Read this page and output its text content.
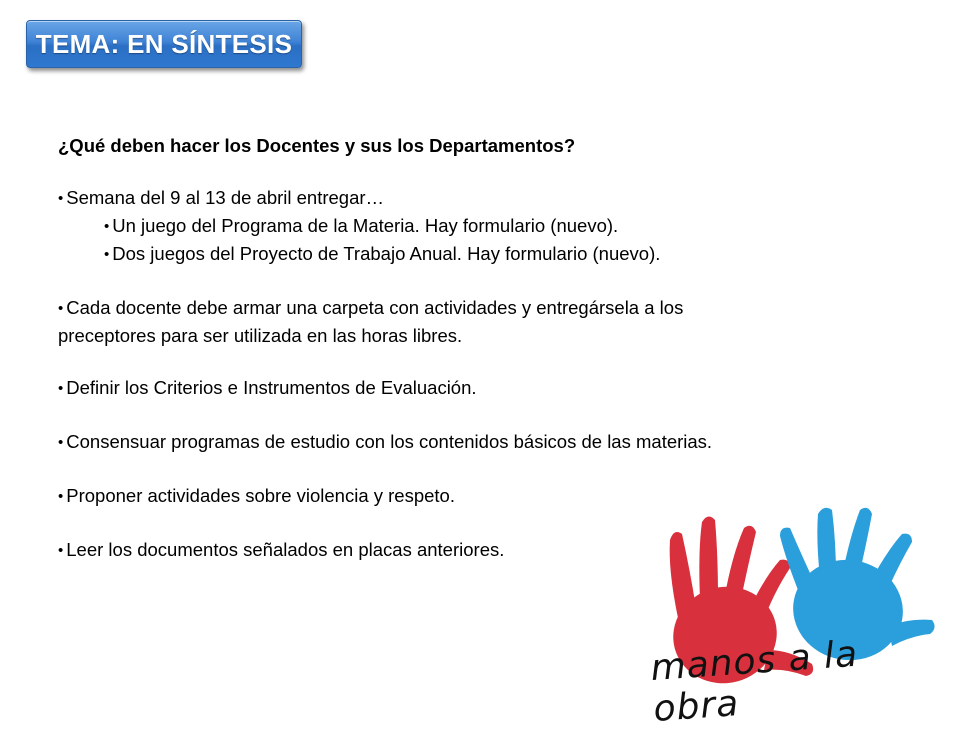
TEMA: EN SÍNTESIS

¿Qué deben hacer los Docentes y sus los Departamentos?

• Semana del 9 al 13 de abril entregar…

• Un juego del Programa de la Materia. Hay formulario (nuevo).

• Dos juegos del Proyecto de Trabajo Anual. Hay formulario (nuevo).

• Cada docente debe armar una carpeta con actividades y entregársela a los

preceptores para ser utilizada en las horas libres.

• Definir los Criterios e Instrumentos de Evaluación.

• Consensuar programas de estudio con los contenidos básicos de las materias.

• Proponer actividades sobre violencia y respeto.

• Leer los documentos señalados en placas anteriores.

manos a la obra
